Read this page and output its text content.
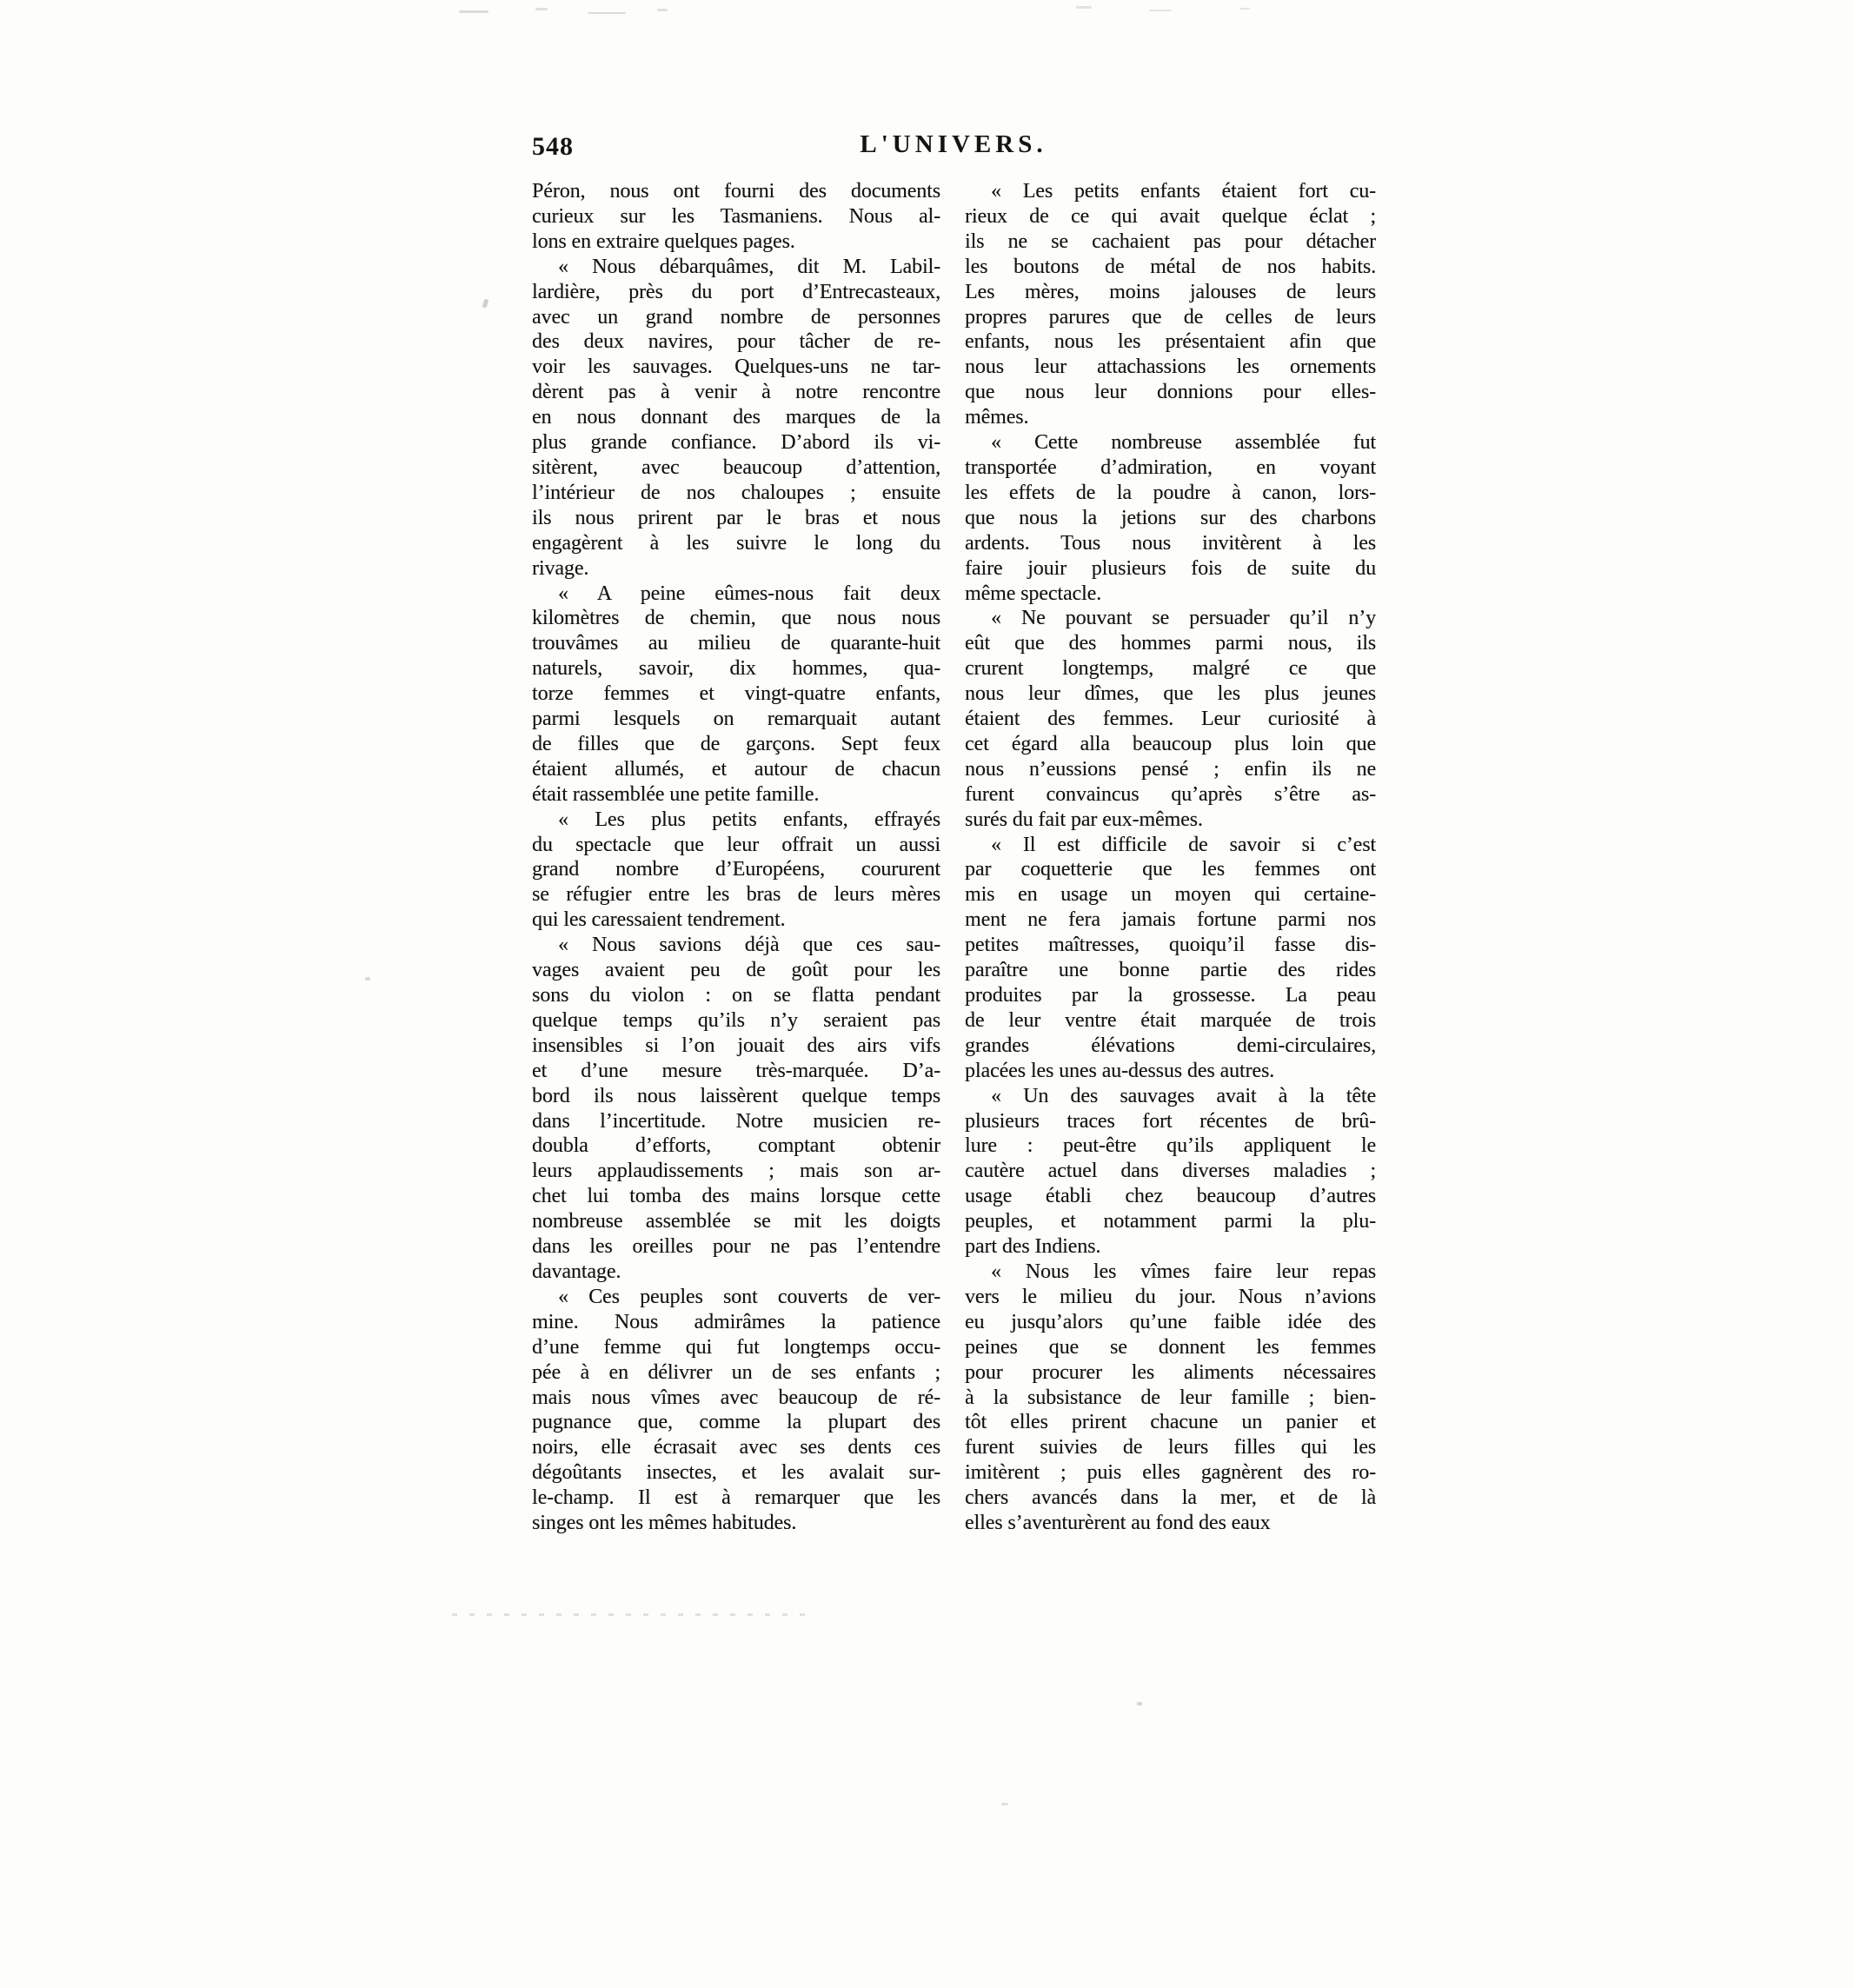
548	L'UNIVERS.
Péron, nous ont fourni des documents
curieux sur les Tasmaniens. Nous al-
lons en extraire quelques pages.
« Nous débarquâmes, dit M. Labil-
lardière, près du port d’Entrecasteaux,
avec un grand nombre de personnes
des deux navires, pour tâcher de re-
voir les sauvages. Quelques-uns ne tar-
dèrent pas à venir à notre rencontre
en nous donnant des marques de la
plus grande confiance. D’abord ils vi-
sitèrent, avec beaucoup d’attention,
l’intérieur de nos chaloupes ; ensuite
ils nous prirent par le bras et nous
engagèrent à les suivre le long du
rivage.
« A peine eûmes-nous fait deux
kilomètres de chemin, que nous nous
trouvâmes au milieu de quarante-huit
naturels, savoir, dix hommes, qua-
torze femmes et vingt-quatre enfants,
parmi lesquels on remarquait autant
de filles que de garçons. Sept feux
étaient allumés, et autour de chacun
était rassemblée une petite famille.
« Les plus petits enfants, effrayés
du spectacle que leur offrait un aussi
grand nombre d’Européens, coururent
se réfugier entre les bras de leurs mères
qui les caressaient tendrement.
« Nous savions déjà que ces sau-
vages avaient peu de goût pour les
sons du violon : on se flatta pendant
quelque temps qu’ils n’y seraient pas
insensibles si l’on jouait des airs vifs
et d’une mesure très-marquée. D’a-
bord ils nous laissèrent quelque temps
dans l’incertitude. Notre musicien re-
doubla d’efforts, comptant obtenir
leurs applaudissements ; mais son ar-
chet lui tomba des mains lorsque cette
nombreuse assemblée se mit les doigts
dans les oreilles pour ne pas l’entendre
davantage.
« Ces peuples sont couverts de ver-
mine. Nous admirâmes la patience
d’une femme qui fut longtemps occu-
pée à en délivrer un de ses enfants ;
mais nous vîmes avec beaucoup de ré-
pugnance que, comme la plupart des
noirs, elle écrasait avec ses dents ces
dégoûtants insectes, et les avalait sur-
le-champ. Il est à remarquer que les
singes ont les mêmes habitudes.
« Les petits enfants étaient fort cu-
rieux de ce qui avait quelque éclat ;
ils ne se cachaient pas pour détacher
les boutons de métal de nos habits.
Les mères, moins jalouses de leurs
propres parures que de celles de leurs
enfants, nous les présentaient afin que
nous leur attachassions les ornements
que nous leur donnions pour elles-
mêmes.
« Cette nombreuse assemblée fut
transportée d’admiration, en voyant
les effets de la poudre à canon, lors-
que nous la jetions sur des charbons
ardents. Tous nous invitèrent à les
faire jouir plusieurs fois de suite du
même spectacle.
« Ne pouvant se persuader qu’il n’y
eût que des hommes parmi nous, ils
crurent longtemps, malgré ce que
nous leur dîmes, que les plus jeunes
étaient des femmes. Leur curiosité à
cet égard alla beaucoup plus loin que
nous n’eussions pensé ; enfin ils ne
furent convaincus qu’après s’être as-
surés du fait par eux-mêmes.
« Il est difficile de savoir si c’est
par coquetterie que les femmes ont
mis en usage un moyen qui certaine-
ment ne fera jamais fortune parmi nos
petites maîtresses, quoiqu’il fasse dis-
paraître une bonne partie des rides
produites par la grossesse. La peau
de leur ventre était marquée de trois
grandes élévations demi-circulaires,
placées les unes au-dessus des autres.
« Un des sauvages avait à la tête
plusieurs traces fort récentes de brû-
lure : peut-être qu’ils appliquent le
cautère actuel dans diverses maladies ;
usage établi chez beaucoup d’autres
peuples, et notamment parmi la plu-
part des Indiens.
« Nous les vîmes faire leur repas
vers le milieu du jour. Nous n’avions
eu jusqu’alors qu’une faible idée des
peines que se donnent les femmes
pour procurer les aliments nécessaires
à la subsistance de leur famille ; bien-
tôt elles prirent chacune un panier et
furent suivies de leurs filles qui les
imitèrent ; puis elles gagnèrent des ro-
chers avancés dans la mer, et de là
elles s’aventurèrent au fond des eaux
